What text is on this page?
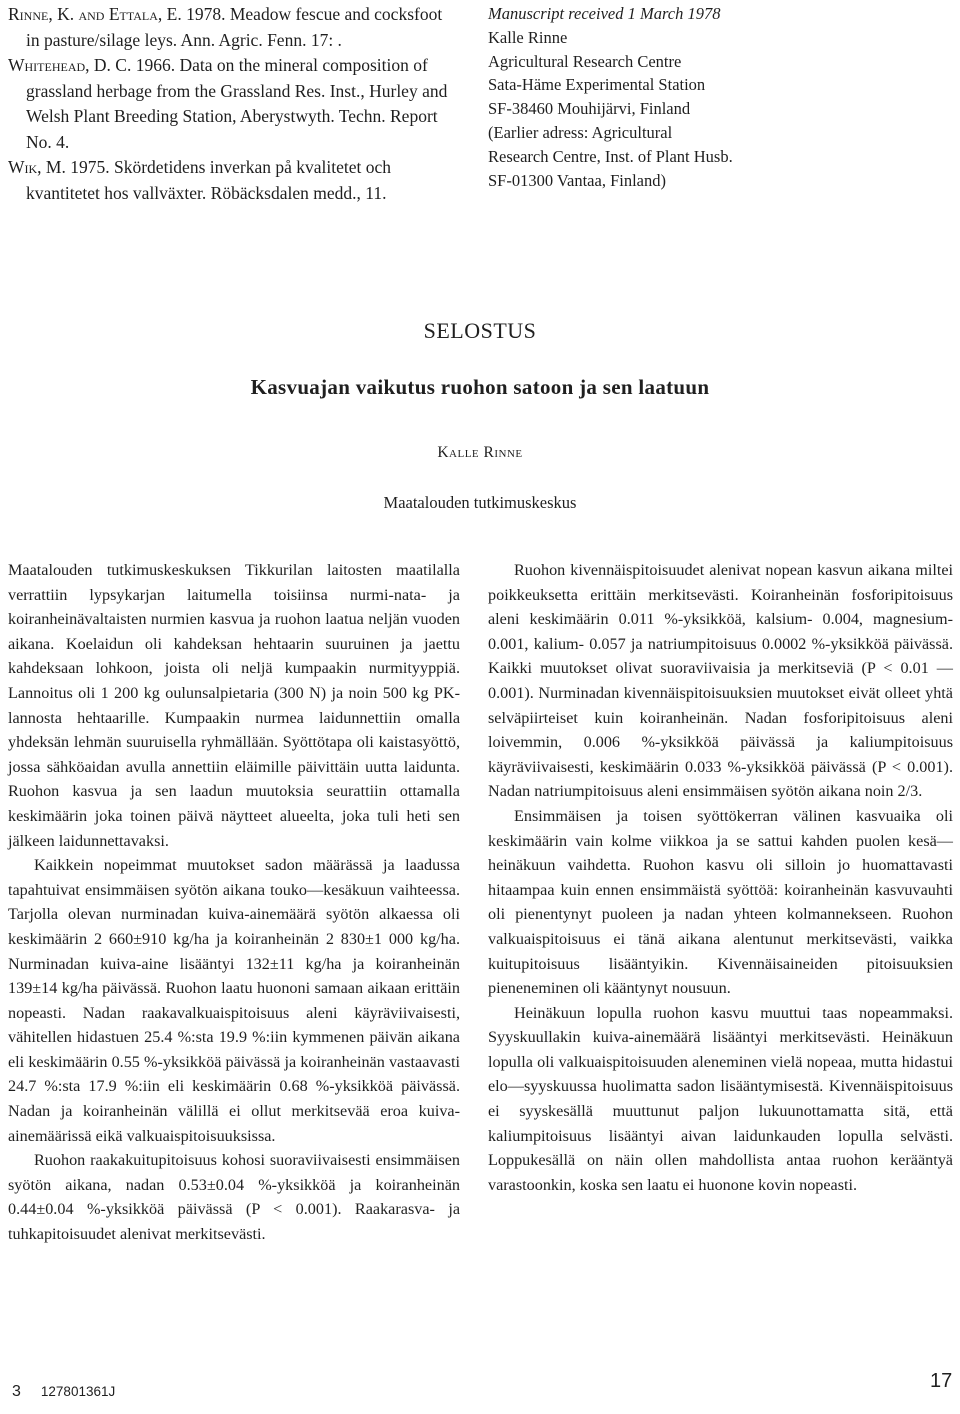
Rinne, K. and Ettala, E. 1978. Meadow fescue and cocksfoot in pasture/silage leys. Ann. Agric. Fenn. 17: .

Whitehead, D. C. 1966. Data on the mineral composition of grassland herbage from the Grassland Res. Inst., Hurley and Welsh Plant Breeding Station, Aberystwyth. Techn. Report No. 4.

Wik, M. 1975. Skördetidens inverkan på kvalitetet och kvantitetet hos vallväxter. Röbäcksdalen medd., 11.

Manuscript received 1 March 1978

Kalle Rinne

Agricultural Research Centre

Sata-Häme Experimental Station

SF-38460 Mouhijärvi, Finland

(Earlier adress: Agricultural

Research Centre, Inst. of Plant Husb.

SF-01300 Vantaa, Finland)

SELOSTUS

Kasvuajan vaikutus ruohon satoon ja sen laatuun

Kalle Rinne

Maatalouden tutkimuskeskus

Maatalouden tutkimuskeskuksen Tikkurilan laitosten maatilalla verrattiin lypsykarjan laitumella toisiinsa nurmi-nata- ja koiranheinävaltaisten nurmien kasvua ja ruohon laatua neljän vuoden aikana. Koelaidun oli kahdeksan hehtaarin suuruinen ja jaettu kahdeksaan lohkoon, joista oli neljä kumpaakin nurmityyppiä. Lannoitus oli 1 200 kg oulunsalpietaria (300 N) ja noin 500 kg PK-lannosta hehtaarille. Kumpaakin nurmea laidunnettiin omalla yhdeksän lehmän suuruisella ryhmällään. Syöttötapa oli kaistasyöttö, jossa sähköaidan avulla annettiin eläimille päivittäin uutta laidunta. Ruohon kasvua ja sen laadun muutoksia seurattiin ottamalla keskimäärin joka toinen päivä näytteet alueelta, joka tuli heti sen jälkeen laidunnettavaksi.

Kaikkein nopeimmat muutokset sadon määrässä ja laadussa tapahtuivat ensimmäisen syötön aikana touko—kesäkuun vaihteessa. Tarjolla olevan nurminadan kuiva-ainemäärä syötön alkaessa oli keskimäärin 2 660±910 kg/ha ja koiranheinän 2 830±1 000 kg/ha. Nurminadan kuiva-aine lisääntyi 132±11 kg/ha ja koiranheinän 139±14 kg/ha päivässä. Ruohon laatu huononi samaan aikaan erittäin nopeasti. Nadan raakavalkuaispitoisuus aleni käyräviivaisesti, vähitellen hidastuen 25.4 %:sta 19.9 %:iin kymmenen päivän aikana eli keskimäärin 0.55 %-yksikköä päivässä ja koiranheinän vastaavasti 24.7 %:sta 17.9 %:iin eli keskimäärin 0.68 %-yksikköä päivässä. Nadan ja koiranheinän välillä ei ollut merkitsevää eroa kuiva-ainemäärissä eikä valkuaispitoisuuksissa.

Ruohon raakakuitupitoisuus kohosi suoraviivaisesti ensimmäisen syötön aikana, nadan 0.53±0.04 %-yksikköä ja koiranheinän 0.44±0.04 %-yksikköä päivässä (P < 0.001). Raakarasva- ja tuhkapitoisuudet alenivat merkitsevästi.

Ruohon kivennäispitoisuudet alenivat nopean kasvun aikana miltei poikkeuksetta erittäin merkitsevästi. Koiranheinän fosforipitoisuus aleni keskimäärin 0.011 %-yksikköä, kalsium- 0.004, magnesium- 0.001, kalium- 0.057 ja natriumpitoisuus 0.0002 %-yksikköä päivässä. Kaikki muutokset olivat suoraviivaisia ja merkitseviä (P < 0.01 —0.001). Nurminadan kivennäispitoisuuksien muutokset eivät olleet yhtä selväpiirteiset kuin koiranheinän. Nadan fosforipitoisuus aleni loivemmin, 0.006 %-yksikköä päivässä ja kaliumpitoisuus käyräviivaisesti, keskimäärin 0.033 %-yksikköä päivässä (P < 0.001). Nadan natriumpitoisuus aleni ensimmäisen syötön aikana noin 2/3.

Ensimmäisen ja toisen syöttökerran välinen kasvuaika oli keskimäärin vain kolme viikkoa ja se sattui kahden puolen kesä—heinäkuun vaihdetta. Ruohon kasvu oli silloin jo huomattavasti hitaampaa kuin ennen ensimmäistä syöttöä: koiranheinän kasvuvauhti oli pienentynyt puoleen ja nadan yhteen kolmannekseen. Ruohon valkuaispitoisuus ei tänä aikana alentunut merkitsevästi, vaikka kuitupitoisuus lisääntyikin. Kivennäisaineiden pitoisuuksien pieneneminen oli kääntynyt nousuun.

Heinäkuun lopulla ruohon kasvu muuttui taas nopeammaksi. Syyskuullakin kuiva-ainemäärä lisääntyi merkitsevästi. Heinäkuun lopulla oli valkuaispitoisuuden aleneminen vielä nopeaa, mutta hidastui elo—syyskuussa huolimatta sadon lisääntymisestä. Kivennäispitoisuus ei syyskesällä muuttunut paljon lukuunottamatta sitä, että kaliumpitoisuus lisääntyi aivan laidunkauden lopulla selvästi. Loppukesällä on näin ollen mahdollista antaa ruohon kerääntyä varastoonkin, koska sen laatu ei huonone kovin nopeasti.

3 127801361J	17
